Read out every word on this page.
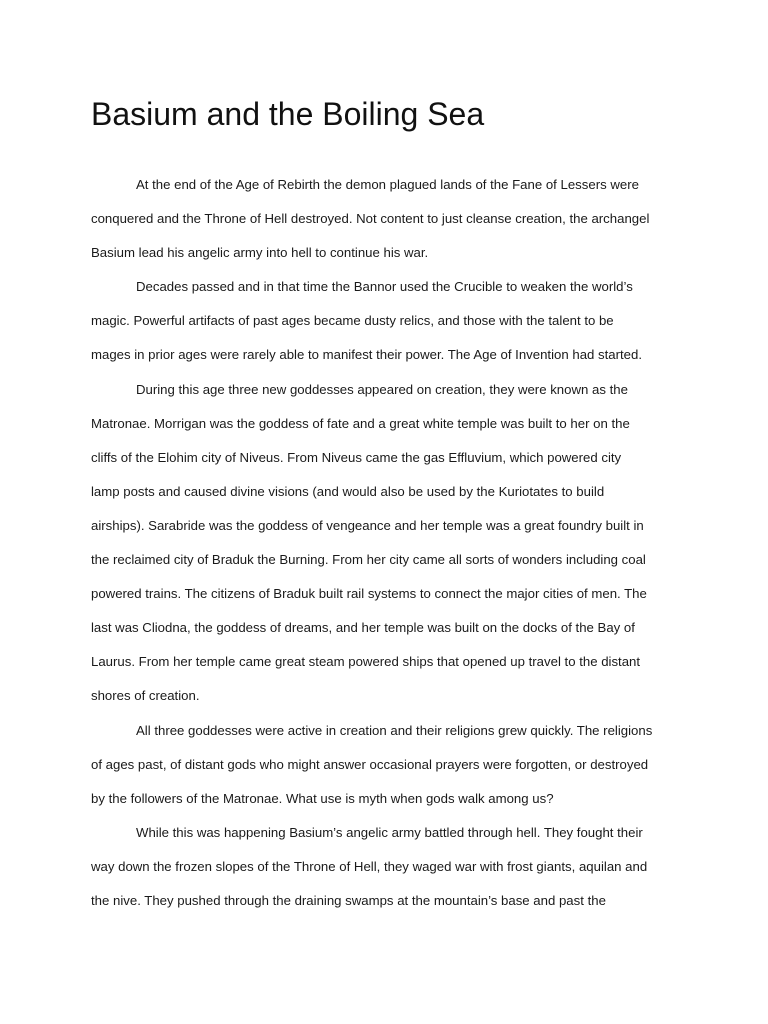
Basium and the Boiling Sea

At the end of the Age of Rebirth the demon plagued lands of the Fane of Lessers were
conquered and the Throne of Hell destroyed. Not content to just cleanse creation, the archangel
Basium lead his angelic army into hell to continue his war.

Decades passed and in that time the Bannor used the Crucible to weaken the world’s
magic. Powerful artifacts of past ages became dusty relics, and those with the talent to be
mages in prior ages were rarely able to manifest their power. The Age of Invention had started.

During this age three new goddesses appeared on creation, they were known as the
Matronae. Morrigan was the goddess of fate and a great white temple was built to her on the
cliffs of the Elohim city of Niveus. From Niveus came the gas Effluvium, which powered city
lamp posts and caused divine visions (and would also be used by the Kuriotates to build
airships). Sarabride was the goddess of vengeance and her temple was a great foundry built in
the reclaimed city of Braduk the Burning. From her city came all sorts of wonders including coal
powered trains. The citizens of Braduk built rail systems to connect the major cities of men. The
last was Cliodna, the goddess of dreams, and her temple was built on the docks of the Bay of
Laurus. From her temple came great steam powered ships that opened up travel to the distant
shores of creation.

All three goddesses were active in creation and their religions grew quickly. The religions
of ages past, of distant gods who might answer occasional prayers were forgotten, or destroyed
by the followers of the Matronae. What use is myth when gods walk among us?

While this was happening Basium’s angelic army battled through hell. They fought their
way down the frozen slopes of the Throne of Hell, they waged war with frost giants, aquilan and
the nive. They pushed through the draining swamps at the mountain’s base and past the
